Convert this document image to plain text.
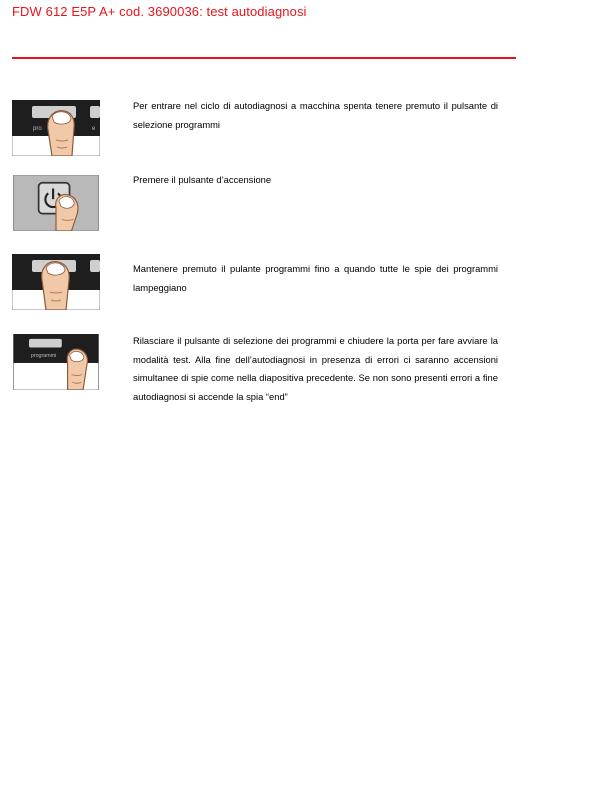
FDW 612 E5P A+ cod. 3690036: test autodiagnosi
pro	e
Per entrare nel ciclo di autodiagnosi a macchina spenta tenere premuto il pulsante di selezione programmi
Premere il pulsante d’accensione
Mantenere premuto il pulante programmi fino a quando tutte le spie dei programmi lampeggiano
programmi
Rilasciare il pulsante di selezione dei programmi e chiudere la porta per fare avviare la modalità test. Alla fine dell’autodiagnosi in presenza di errori ci saranno accensioni simultanee di spie come nella diapositiva precedente. Se non sono presenti errori a fine autodiagnosi si accende la spia “end”
